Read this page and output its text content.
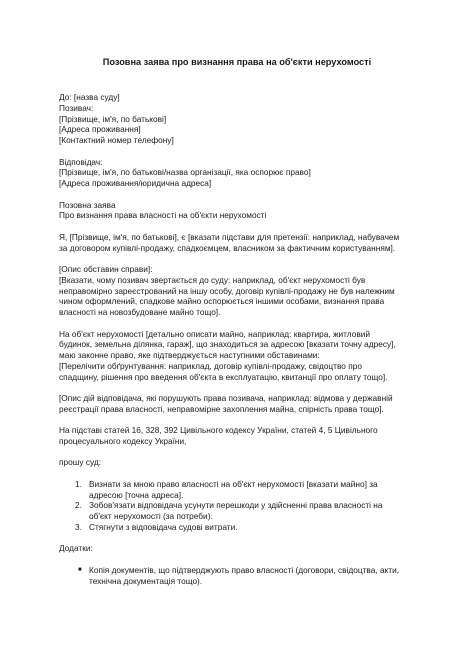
Позовна заява про визнання права на об'єкти нерухомості
До: [назва суду]
Позивач:
[Прізвище, ім'я, по батькові]
[Адреса проживання]
[Контактний номер телефону]
Відповідач:
[Прізвище, ім'я, по батькові/назва організації, яка оспорює право]
[Адреса проживання/юридична адреса]
Позовна заява
Про визнання права власності на об'єкти нерухомості
Я, [Прізвище, ім'я, по батькові], є [вказати підстави для претензії: наприклад, набувачем
за договором купівлі-продажу, спадкоємцем, власником за фактичним користуванням].
[Опис обставин справи]:
[Вказати, чому позивач звертається до суду: наприклад, об'єкт нерухомості був
неправомірно зареєстрований на іншу особу, договір купівлі-продажу не був належним
чином оформлений, спадкове майно оспорюється іншими особами, визнання права
власності на новозбудоване майно тощо].
На об'єкт нерухомості [детально описати майно, наприклад: квартира, житловий
будинок, земельна ділянка, гараж], що знаходиться за адресою [вказати точну адресу],
маю законне право, яке підтверджується наступними обставинами:
[Перелічити обґрунтування: наприклад, договір купівлі-продажу, свідоцтво про
спадщину, рішення про введення об'єкта в експлуатацію, квитанції про оплату тощо].
[Опис дій відповідача, які порушують права позивача, наприклад: відмова у державній
реєстрації права власності, неправомірне захоплення майна, спірність права тощо].
На підставі статей 16, 328, 392 Цивільного кодексу України, статей 4, 5 Цивільного
процесуального кодексу України,
прошу суд:
1. Визнати за мною право власності на об'єкт нерухомості [вказати майно] за
адресою [точна адреса].
2. Зобов'язати відповідача усунути перешкоди у здійсненні права власності на
об'єкт нерухомості (за потреби).
3. Стягнути з відповідача судові витрати.
Додатки:
■ Копія документів, що підтверджують право власності (договори, свідоцтва, акти,
технічна документація тощо).
